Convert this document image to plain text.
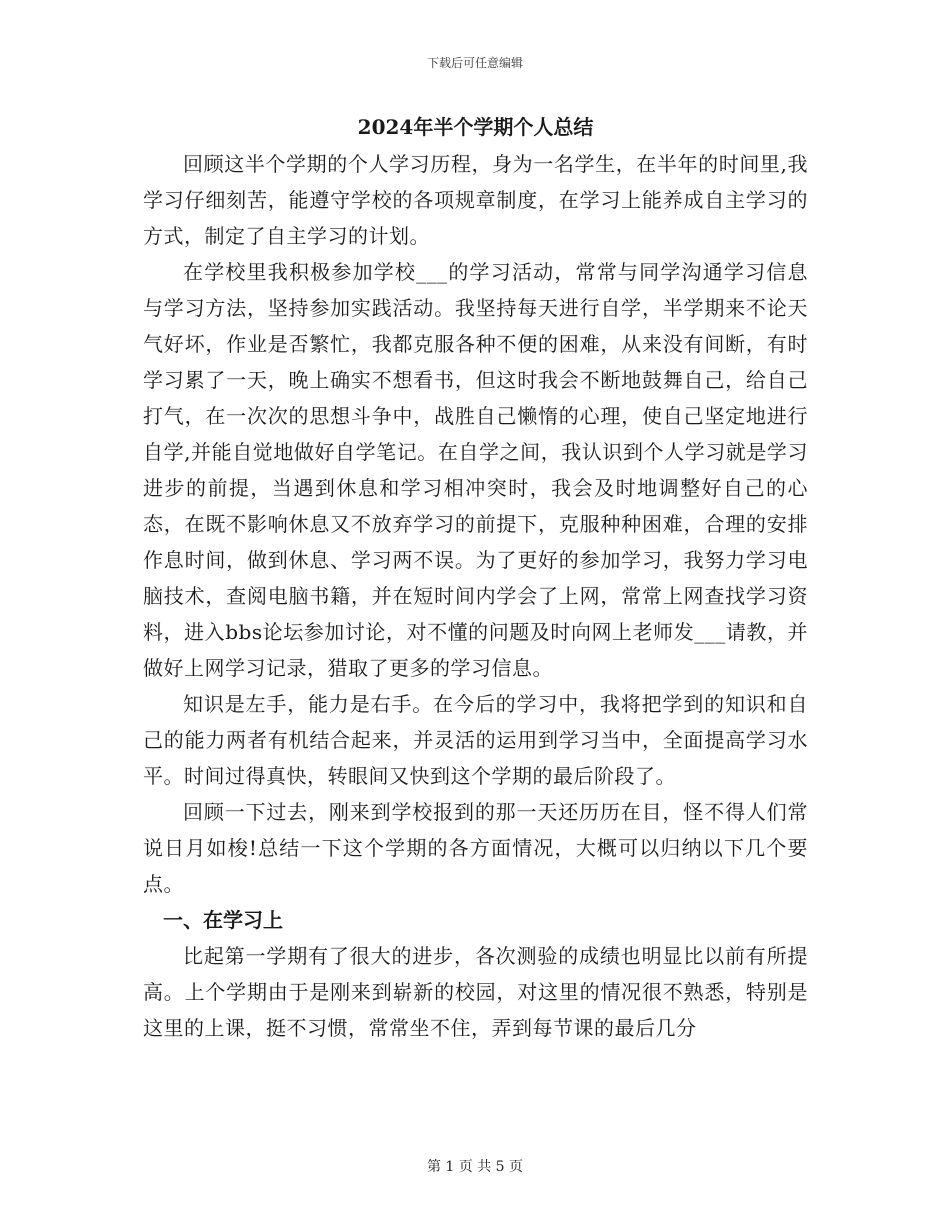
下载后可任意编辑
2024年半个学期个人总结

回顾这半个学期的个人学习历程，身为一名学生，在半年的时间里,我学习仔细刻苦，能遵守学校的各项规章制度，在学习上能养成自主学习的方式，制定了自主学习的计划。

在学校里我积极参加学校___的学习活动，常常与同学沟通学习信息与学习方法，坚持参加实践活动。我坚持每天进行自学，半学期来不论天气好坏，作业是否繁忙，我都克服各种不便的困难，从来没有间断，有时学习累了一天，晚上确实不想看书，但这时我会不断地鼓舞自己，给自己打气，在一次次的思想斗争中，战胜自己懒惰的心理，使自己坚定地进行自学,并能自觉地做好自学笔记。在自学之间，我认识到个人学习就是学习进步的前提，当遇到休息和学习相冲突时，我会及时地调整好自己的心态，在既不影响休息又不放弃学习的前提下，克服种种困难，合理的安排作息时间，做到休息、学习两不误。为了更好的参加学习，我努力学习电脑技术，查阅电脑书籍，并在短时间内学会了上网，常常上网查找学习资料，进入bbs论坛参加讨论，对不懂的问题及时向网上老师发___请教，并做好上网学习记录，猎取了更多的学习信息。

知识是左手，能力是右手。在今后的学习中，我将把学到的知识和自己的能力两者有机结合起来，并灵活的运用到学习当中，全面提高学习水平。时间过得真快，转眼间又快到这个学期的最后阶段了。

回顾一下过去，刚来到学校报到的那一天还历历在目，怪不得人们常说日月如梭!总结一下这个学期的各方面情况，大概可以归纳以下几个要点。

一、在学习上

比起第一学期有了很大的进步，各次测验的成绩也明显比以前有所提高。上个学期由于是刚来到崭新的校园，对这里的情况很不熟悉，特别是这里的上课，挺不习惯，常常坐不住，弄到每节课的最后几分

第 1 页 共 5 页
